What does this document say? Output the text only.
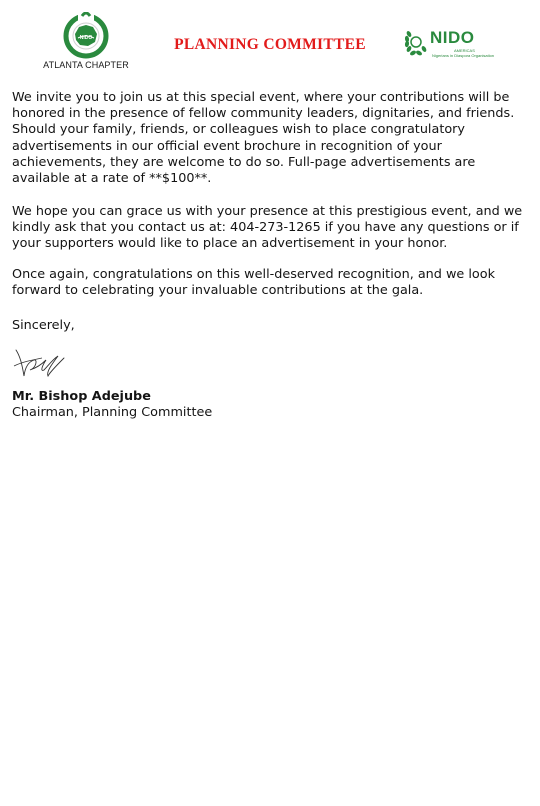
NIDO
ATLANTA CHAPTER
PLANNING COMMITTEE	NIDO
AMERICAS
Nigerians in Diaspora Organisation

We invite you to join us at this special event, where your contributions will be honored in the presence of fellow community leaders, dignitaries, and friends. Should your family, friends, or colleagues wish to place congratulatory advertisements in our official event brochure in recognition of your achievements, they are welcome to do so. Full-page advertisements are available at a rate of **$100**.

We hope you can grace us with your presence at this prestigious event, and we kindly ask that you contact us at: 404-273-1265 if you have any questions or if your supporters would like to place an advertisement in your honor.

Once again, congratulations on this well-deserved recognition, and we look forward to celebrating your invaluable contributions at the gala.

Sincerely,

Mr. Bishop Adejube
Chairman, Planning Committee
